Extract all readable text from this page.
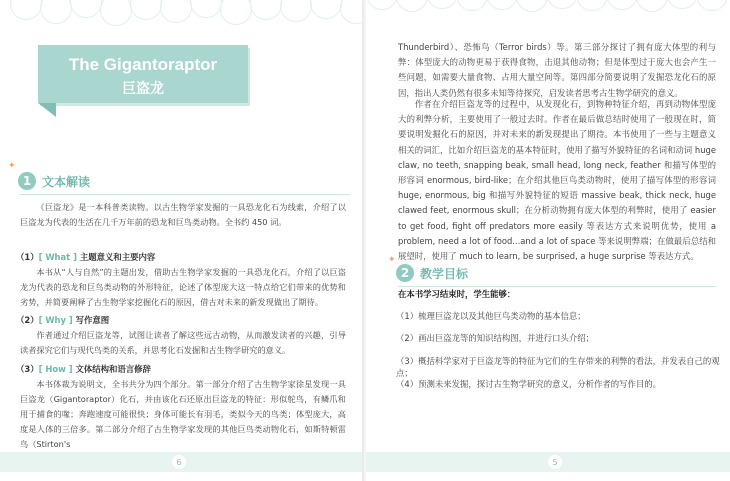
The Gigantoraptor
巨盗龙
✦
1 文本解读
《巨盗龙》是一本科普类读物。以古生物学家发掘的一具恐龙化石为线索，介绍了以巨盗龙为代表的生活在几千万年前的恐龙和巨鸟类动物。全书约 450 词。
（1）[ What ] 主题意义和主要内容
本书从“人与自然”的主题出发，借助古生物学家发掘的一具恐龙化石，介绍了以巨盗龙为代表的恐龙和巨鸟类动物的外形特征，论述了体型庞大这一特点给它们带来的优势和劣势，并简要阐释了古生物学家挖掘化石的原因，借古对未来的新发现做出了期待。
（2）[ Why ] 写作意图
作者通过介绍巨盗龙等，试图让读者了解这些远古动物，从而激发读者的兴趣，引导读者探究它们与现代鸟类的关系，并思考化石发掘和古生物学研究的意义。
（3）[ How ] 文体结构和语言修辞
本书体裁为说明文，全书共分为四个部分。第一部分介绍了古生物学家徐星发现一具巨盗龙（Gigantoraptor）化石，并由该化石还原出巨盗龙的特征：形似鸵鸟，有鳞爪和用于捕食的喙；奔跑速度可能很快；身体可能长有羽毛，类似今天的鸟类；体型庞大，高度是人体的三倍多。第二部分介绍了古生物学家发现的其他巨鸟类动物化石，如斯特顿雷鸟（Stirton's
6
Thunderbird）、恐怖鸟（Terror birds）等。第三部分探讨了拥有庞大体型的利与弊：体型庞大的动物更易于获得食物，击退其他动物；但是体型过于庞大也会产生一些问题，如需要大量食物、占用大量空间等。第四部分简要说明了发掘恐龙化石的原因，指出人类仍然有很多未知等待探究，启发读者思考古生物学研究的意义。
作者在介绍巨盗龙等的过程中，从发现化石，到物种特征介绍，再到动物体型庞大的利弊分析，主要使用了一般过去时。作者在最后做总结时使用了一般现在时，简要说明发掘化石的原因，并对未来的新发现提出了期待。本书使用了一些与主题意义相关的词汇，比如介绍巨盗龙的基本特征时，使用了描写外貌特征的名词和动词 huge claw, no teeth, snapping beak, small head, long neck, feather 和描写体型的形容词 enormous, bird-like；在介绍其他巨鸟类动物时，使用了描写体型的形容词 huge, enormous, big 和描写外貌特征的短语 massive beak, thick neck, huge clawed feet, enormous skull；在分析动物拥有庞大体型的利弊时，使用了 easier to get food, fight off predators more easily 等表达方式来说明优势，使用 a problem, need a lot of food...and a lot of space 等来说明弊端；在做最后总结和展望时，使用了 much to learn, be surprised, a huge surprise 等表达方式。
✦
2 教学目标
在本书学习结束时，学生能够：
（1）梳理巨盗龙以及其他巨鸟类动物的基本信息；
（2）画出巨盗龙等的知识结构图，并进行口头介绍；
（3）概括科学家对于巨盗龙等的特征为它们的生存带来的利弊的看法，并发表自己的观点；
（4）预测未来发掘，探讨古生物学研究的意义，分析作者的写作目的。
5
